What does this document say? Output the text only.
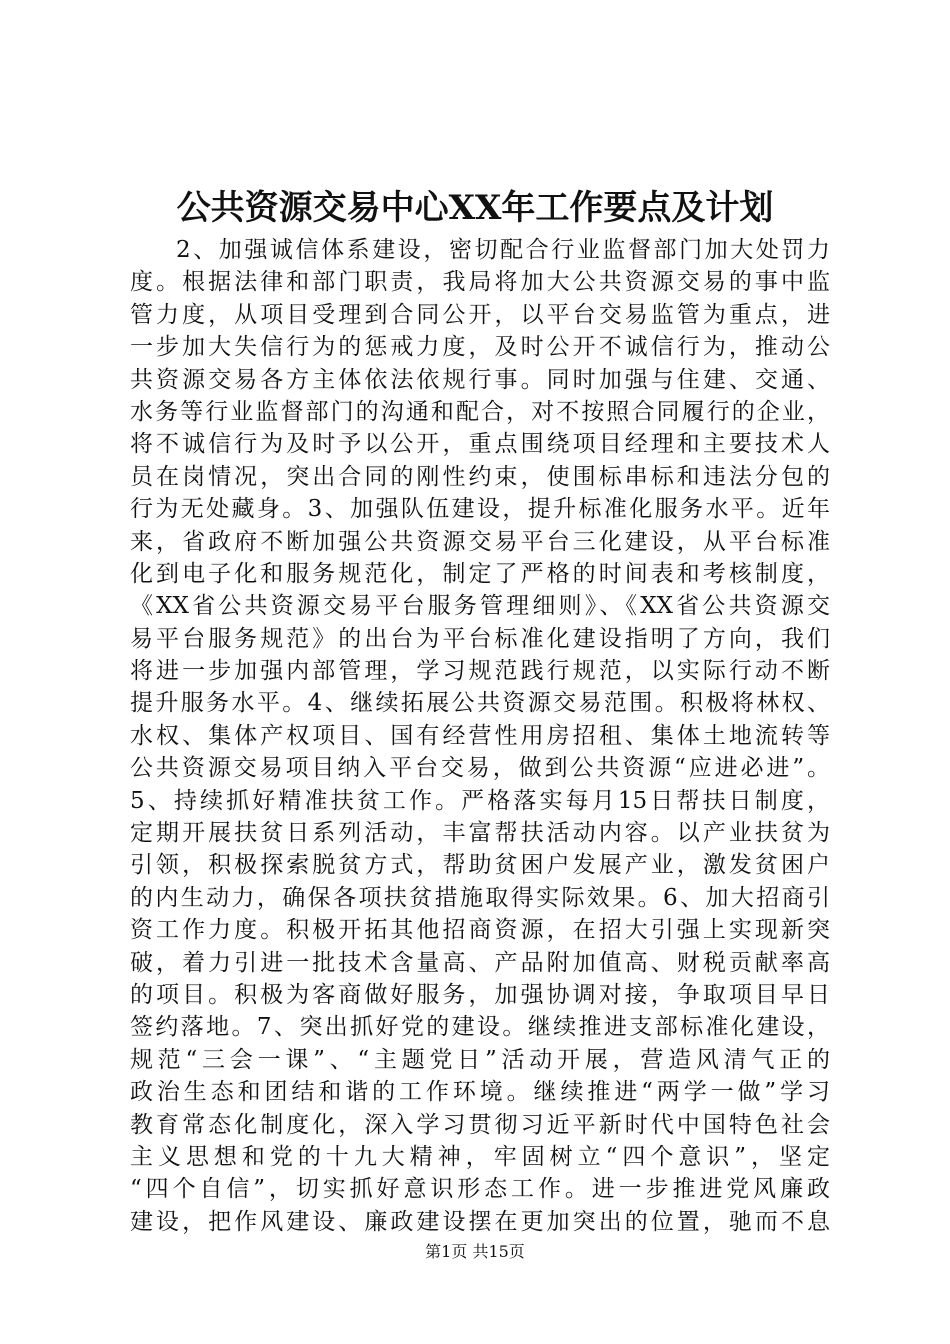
公共资源交易中心XX年工作要点及计划
2、加强诚信体系建设，密切配合行业监督部门加大处罚力
度。根据法律和部门职责，我局将加大公共资源交易的事中监
管力度，从项目受理到合同公开，以平台交易监管为重点，进
一步加大失信行为的惩戒力度，及时公开不诚信行为，推动公
共资源交易各方主体依法依规行事。同时加强与住建、交通、
水务等行业监督部门的沟通和配合，对不按照合同履行的企业，
将不诚信行为及时予以公开，重点围绕项目经理和主要技术人
员在岗情况，突出合同的刚性约束，使围标串标和违法分包的
行为无处藏身。3、加强队伍建设，提升标准化服务水平。近年
来，省政府不断加强公共资源交易平台三化建设，从平台标准
化到电子化和服务规范化，制定了严格的时间表和考核制度，
《XX省公共资源交易平台服务管理细则》、《XX省公共资源交
易平台服务规范》的出台为平台标准化建设指明了方向，我们
将进一步加强内部管理，学习规范践行规范，以实际行动不断
提升服务水平。4、继续拓展公共资源交易范围。积极将林权、
水权、集体产权项目、国有经营性用房招租、集体土地流转等
公共资源交易项目纳入平台交易，做到公共资源“应进必进”。
5、持续抓好精准扶贫工作。严格落实每月15日帮扶日制度，
定期开展扶贫日系列活动，丰富帮扶活动内容。以产业扶贫为
引领，积极探索脱贫方式，帮助贫困户发展产业，激发贫困户
的内生动力，确保各项扶贫措施取得实际效果。6、加大招商引
资工作力度。积极开拓其他招商资源，在招大引强上实现新突
破，着力引进一批技术含量高、产品附加值高、财税贡献率高
的项目。积极为客商做好服务，加强协调对接，争取项目早日
签约落地。7、突出抓好党的建设。继续推进支部标准化建设，
规范“三会一课”、“主题党日”活动开展，营造风清气正的
政治生态和团结和谐的工作环境。继续推进“两学一做”学习
教育常态化制度化，深入学习贯彻习近平新时代中国特色社会
主义思想和党的十九大精神，牢固树立“四个意识”，坚定
“四个自信”，切实抓好意识形态工作。进一步推进党风廉政
建设，把作风建设、廉政建设摆在更加突出的位置，驰而不息
第1页 共15页
